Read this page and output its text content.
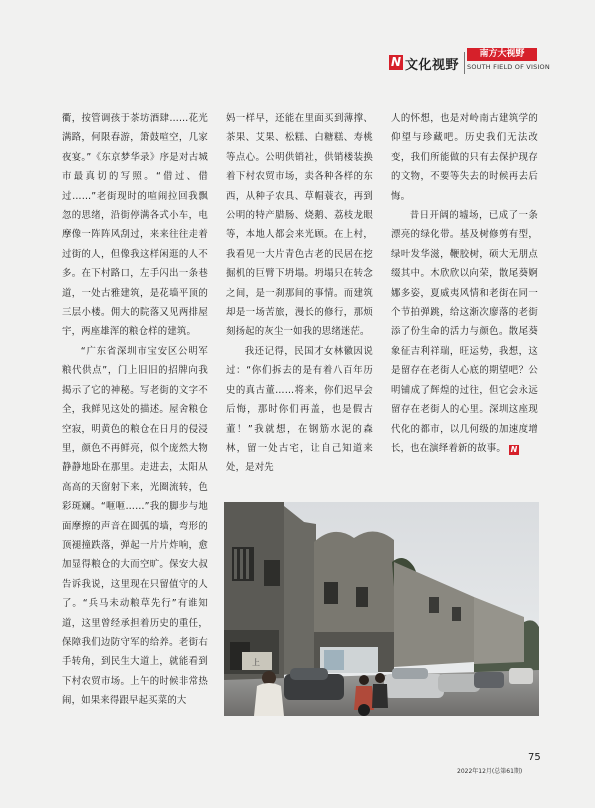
N 文化视野
南方大视野
SOUTH FIELD OF VISION

衢，按管调孩于茶坊酒肆……花光满路，何限春游，箫鼓喧空，几家夜宴。”《东京梦华录》序是对古城市最真切的写照。“借过、借过……”老街现时的喧闹拉回我飘忽的思绪，沿街停满各式小车，电摩像一阵阵风刮过，来来往往走着过街的人，但像我这样闲逛的人不多。在下村路口，左手闪出一条巷道，一处古雅建筑，是花墙平顶的三层小楼。佣大的院落又见两排屋宇，两座雄浑的粮仓样的建筑。

“广东省深圳市宝安区公明军粮代供点”，门上旧旧的招牌向我揭示了它的神秘。写老街的文字不全，我鲜见这处的描述。屋舍粮仓空寂，明黄色的粮仓在日月的侵浸里，颜色不再鲜亮，似个庞然大物静静地卧在那里。走进去，太阳从高高的天窗射下来，光圈流转，色彩斑斓。“咂咂……”我的脚步与地面摩擦的声音在圆弧的墙，弯形的顶褪撞跌落，弹起一片片炸响，愈加显得粮仓的大而空旷。保安大叔告诉我说，这里现在只留值守的人了。“兵马未动粮草先行”有谁知道，这里曾经承担着历史的重任，保障我们边防守军的给养。老街右手转角，到民生大道上，就能看到下村农贸市场。上午的时候非常热闹，如果来得跟早起买菜的大

妈一样早，还能在里面买到薄撑、茶果、艾果、松糕、白糖糕、寿桃等点心。公明供销社，供销楼装换着下村农贸市场，卖各种各样的东西，从种子农具、草帽蓑衣，再到公明的特产腊肠、烧鹅、荔枝龙眼等，本地人都会来光顾。在上村，我看见一大片青色古老的民居在挖掘机的巨臂下坍塌。坍塌只在转念之间，是一刹那间的事情。而建筑却是一场苦旅，漫长的修行，那烦刻扬起的灰尘一如我的思绪迷茫。

我还记得，民国才女林徽因说过：“你们拆去的是有着八百年历史的真古董……将来，你们迟早会后悔，那时你们再盖，也是假古董！”我就想，在钢筋水泥的森林，留一处古宅，让自己知道来处，是对先

人的怀想，也是对岭南古建筑学的仰望与珍藏吧。历史我们无法改变，我们所能做的只有去保护现存的文物，不要等失去的时候再去后悔。

昔日开阔的墟场，已成了一条漂亮的绿化带。基及树修剪有型，绿叶发华滋，鞭胶树，硕大无朋点缀其中。木欣欣以向荣，散尾葵婀娜多姿，夏威夷风情和老街在同一个节拍弹跳，给这渐次廖落的老街添了份生命的活力与颜色。散尾葵象征吉利祥瑞，旺运势，我想，这是留存在老街人心底的期望吧？公明铺成了辉煌的过往，但它会永远留存在老街人的心里。深圳这座现代化的都市，以几何级的加速度增长，也在演绎着新的故事。 N

上
75
2022年12月(总第61期)
